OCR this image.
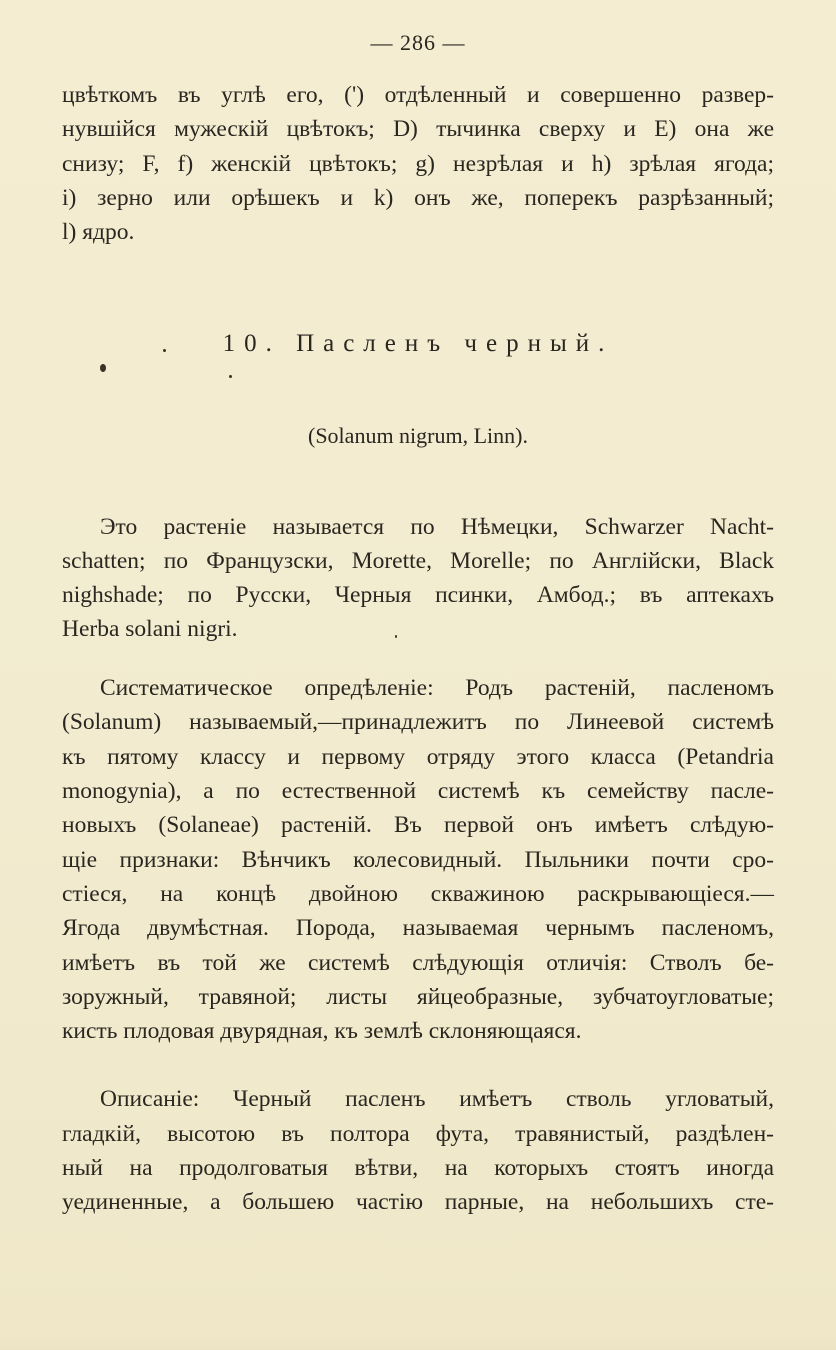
— 286 —
цвѣткомъ въ углѣ его, (') отдѣленный и совершенно развер-
нувшійся мужескій цвѣтокъ; D) тычинка сверху и E) она же
снизу; F, f) женскій цвѣтокъ; g) незрѣлая и h) зрѣлая ягода;
i) зерно или орѣшекъ и k) онъ же, поперекъ разрѣзанный;
l) ядро.
10. Пасленъ черный.
(Solanum nigrum, Linn).
Это растеніе называется по Нѣмецки, Schwarzer Nacht-
schatten; по Французски, Morette, Morelle; по Англійски, Black
nighshade; по Русски, Черныя псинки, Амбод.; въ аптекахъ
Herba solani nigri.
Систематическое опредѣленіе: Родъ растеній, пасленомъ
(Solanum) называемый,—принадлежитъ по Линеевой системѣ
къ пятому классу и первому отряду этого класса (Petandria
monogynia), а по естественной системѣ къ семейству пасле-
новыхъ (Solaneae) растеній. Въ первой онъ имѣетъ слѣдую-
щіе признаки: Вѣнчикъ колесовидный. Пыльники почти сро-
стіеся, на концѣ двойною скважиною раскрывающіеся.—
Ягода двумѣстная. Порода, называемая чернымъ пасленомъ,
имѣетъ въ той же системѣ слѣдующія отличія: Стволъ бе-
зоружный, травяной; листы яйцеобразные, зубчатоугловатые;
кисть плодовая двурядная, къ землѣ склоняющаяся.
Описаніе: Черный пасленъ имѣетъ стволь угловатый,
гладкій, высотою въ полтора фута, травянистый, раздѣлен-
ный на продолговатыя вѣтви, на которыхъ стоятъ иногда
уединенные, а большею частію парные, на небольшихъ сте-
